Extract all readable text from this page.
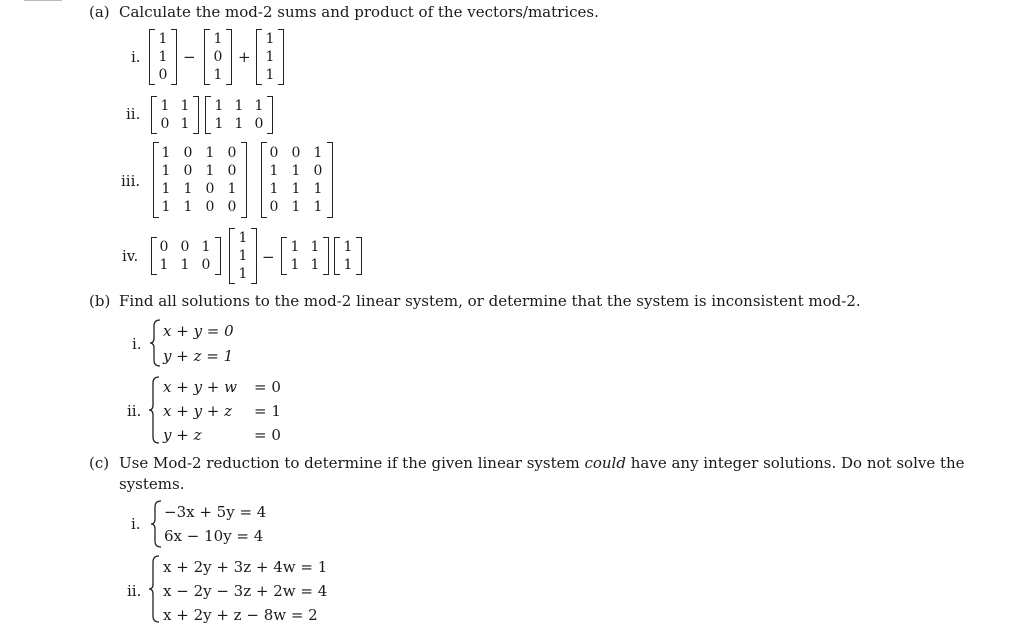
(a) Calculate the mod-2 sums and product of the vectors/matrices.
i.
1
1
0
−
1
0
1
+
1
1
1
ii. 1 1
0 1
1 1 1
1 1 0
iii.
1 0 1 0
1 0 1 0
1 1 0 1
1 1 0 0
0 0 1
1 1 0
1 1 1
0 1 1
iv. 0 0 1
1 1 0
1
1
1
−
1 1
1 1
1
1
(b) Find all solutions to the mod-2 linear system, or determine that the system is inconsistent mod-2.
i.
x + y = 0
y + z = 1
ii.
x + y + w = 0
x + y + z = 1
y + z	= 0
(c) Use Mod-2 reduction to determine if the given linear system could have any integer solutions. Do not solve the
systems.
i.
−3x + 5y = 4
6x − 10y = 4
ii.
x + 2y + 3z + 4w = 1
x − 2y − 3z + 2w = 4
x + 2y + z − 8w = 2
